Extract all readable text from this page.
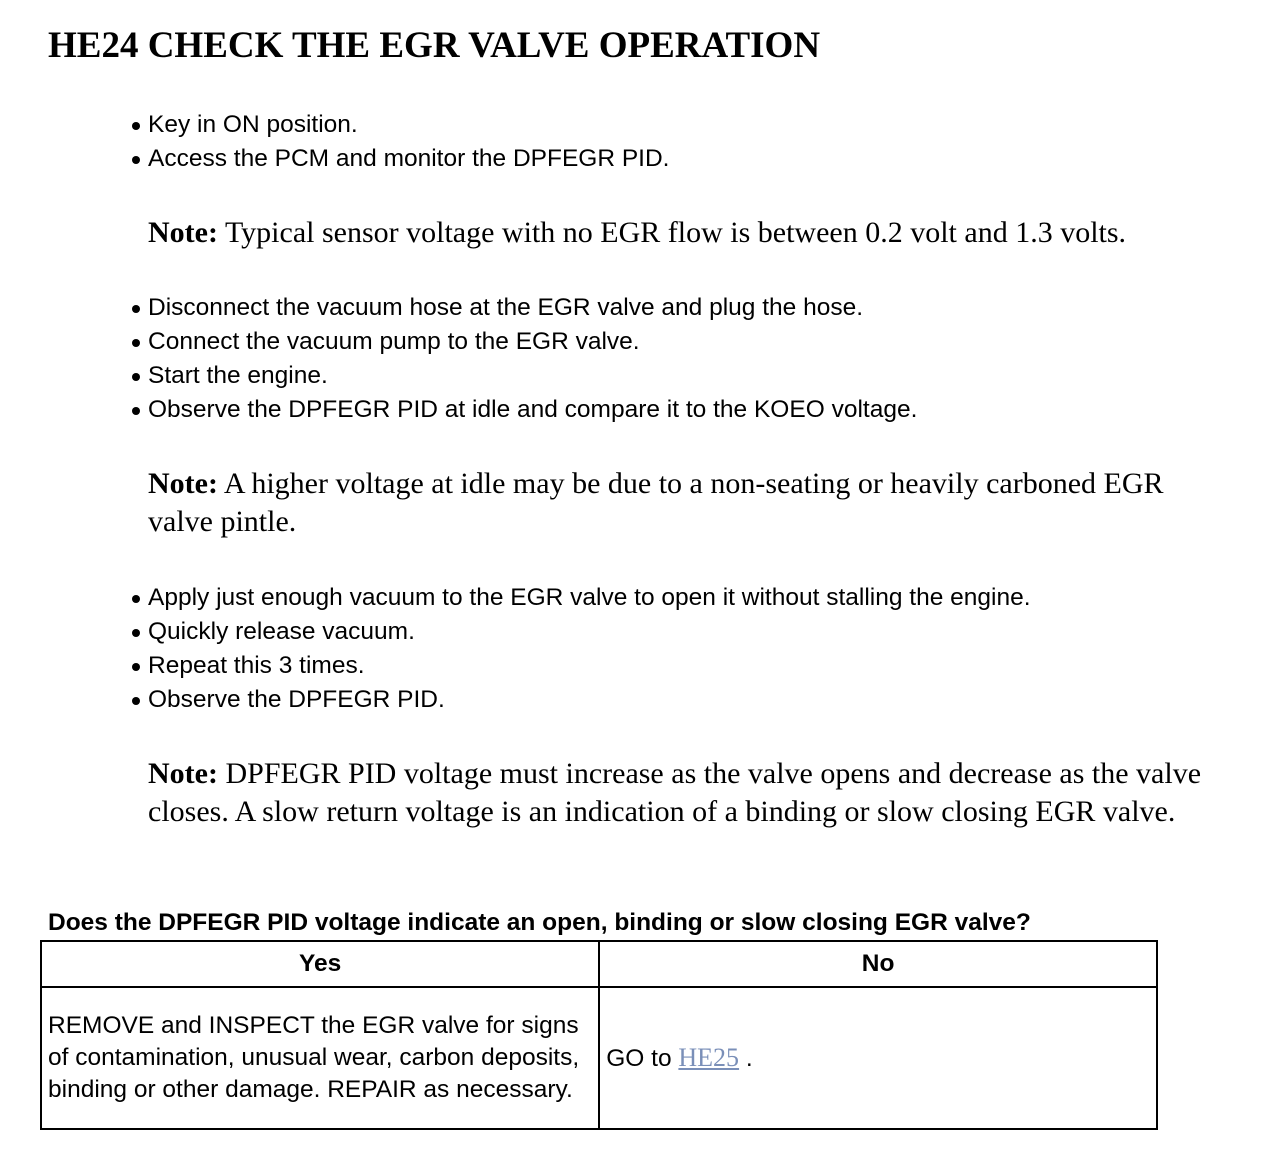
HE24 CHECK THE EGR VALVE OPERATION
Key in ON position.
Access the PCM and monitor the DPFEGR PID.

Note: Typical sensor voltage with no EGR flow is between 0.2 volt and 1.3 volts.

Disconnect the vacuum hose at the EGR valve and plug the hose.
Connect the vacuum pump to the EGR valve.
Start the engine.
Observe the DPFEGR PID at idle and compare it to the KOEO voltage.

Note: A higher voltage at idle may be due to a non-seating or heavily carboned EGR valve pintle.

Apply just enough vacuum to the EGR valve to open it without stalling the engine.
Quickly release vacuum.
Repeat this 3 times.
Observe the DPFEGR PID.

Note: DPFEGR PID voltage must increase as the valve opens and decrease as the valve closes. A slow return voltage is an indication of a binding or slow closing EGR valve.

Does the DPFEGR PID voltage indicate an open, binding or slow closing EGR valve?

Yes	No
REMOVE and INSPECT the EGR valve for signs of contamination, unusual wear, carbon deposits, binding or other damage. REPAIR as necessary.	GO to HE25 .
